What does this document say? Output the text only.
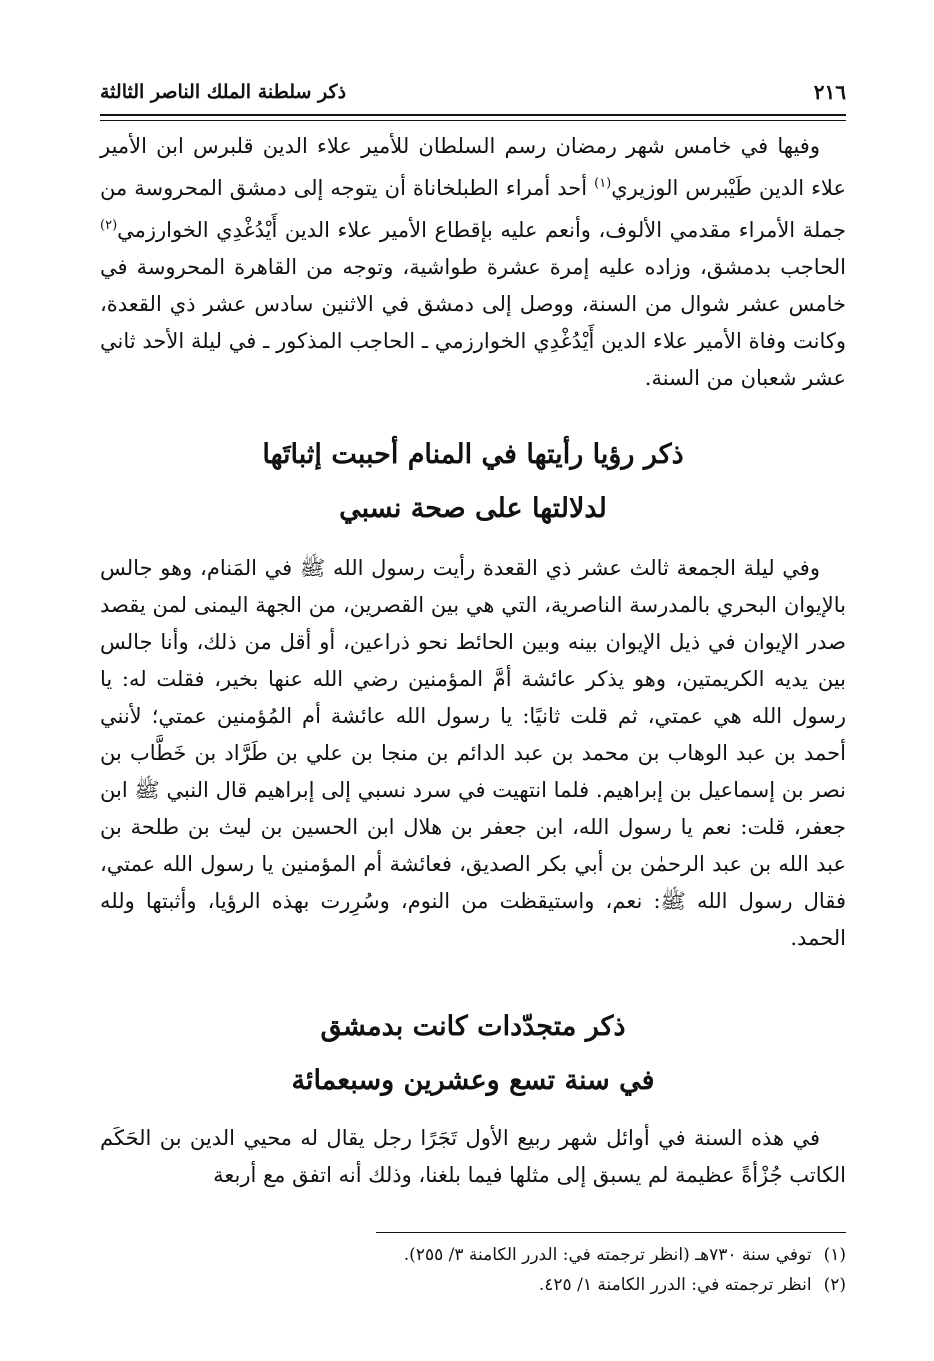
٢١٦
ذكر سلطنة الملك الناصر الثالثة

وفيها في خامس شهر رمضان رسم السلطان للأمير علاء الدين قلبرس ابن الأمير علاء الدين طَيْبرس الوزيري$^{(١)}$ أحد أمراء الطبلخاناة أن يتوجه إلى دمشق المحروسة من جملة الأمراء مقدمي الألوف، وأنعم عليه بإقطاع الأمير علاء الدين أَيْدُغْدِي الخوارزمي$^{(٢)}$ الحاجب بدمشق، وزاده عليه إمرة عشرة طواشية، وتوجه من القاهرة المحروسة في خامس عشر شوال من السنة، ووصل إلى دمشق في الاثنين سادس عشر ذي القعدة، وكانت وفاة الأمير علاء الدين أَيْدُغْدِي الخوارزمي ـ الحاجب المذكور ـ في ليلة الأحد ثاني عشر شعبان من السنة.

ذكر رؤيا رأيتها في المنام أحببت إثباتَها
لدلالتها على صحة نسبي

وفي ليلة الجمعة ثالث عشر ذي القعدة رأيت رسول الله ﷺ في المَنام، وهو جالس بالإيوان البحري بالمدرسة الناصرية، التي هي بين القصرين، من الجهة اليمنى لمن يقصد صدر الإيوان في ذيل الإيوان بينه وبين الحائط نحو ذراعين، أو أقل من ذلك، وأنا جالس بين يديه الكريمتين، وهو يذكر عائشة أمَّ المؤمنين رضي الله عنها بخير، فقلت له: يا رسول الله هي عمتي، ثم قلت ثانيًا: يا رسول الله عائشة أم المُؤمنين عمتي؛ لأنني أحمد بن عبد الوهاب بن محمد بن عبد الدائم بن منجا بن علي بن طَرَّاد بن خَطَّاب بن نصر بن إسماعيل بن إبراهيم. فلما انتهيت في سرد نسبي إلى إبراهيم قال النبي ﷺ ابن جعفر، قلت: نعم يا رسول الله، ابن جعفر بن هلال ابن الحسين بن ليث بن طلحة بن عبد الله بن عبد الرحمٰن بن أبي بكر الصديق، فعائشة أم المؤمنين يا رسول الله عمتي، فقال رسول الله ﷺ: نعم، واستيقظت من النوم، وسُرِرت بهذه الرؤيا، وأثبتها ولله الحمد.

ذكر متجدّدات كانت بدمشق
في سنة تسع وعشرين وسبعمائة

في هذه السنة في أوائل شهر ربيع الأول تَجَرًا رجل يقال له محيي الدين بن الحَكَم الكاتب جُزْأةً عظيمة لم يسبق إلى مثلها فيما بلغنا، وذلك أنه اتفق مع أربعة

(١)
توفي سنة ٧٣٠هـ (انظر ترجمته في: الدرر الكامنة ٣/ ٢٥٥).
(٢)
انظر ترجمته في: الدرر الكامنة ١/ ٤٢٥.
